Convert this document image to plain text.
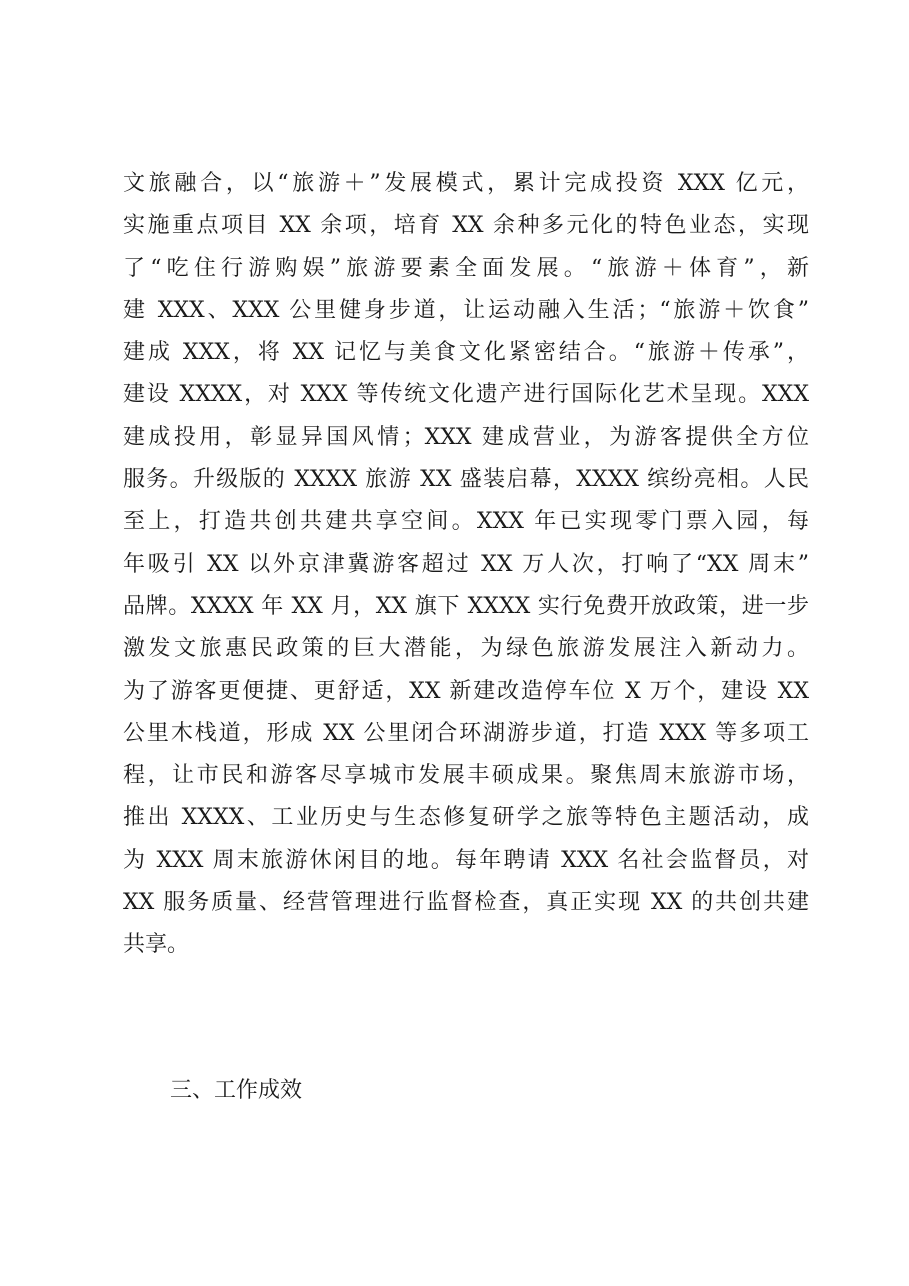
文旅融合，以“旅游＋”发展模式，累计完成投资 XXX 亿元，
实施重点项目 XX 余项，培育 XX 余种多元化的特色业态，实现
了“吃住行游购娱”旅游要素全面发展。“旅游＋体育”，新
建 XXX、XXX 公里健身步道，让运动融入生活；“旅游＋饮食”
建成 XXX，将 XX 记忆与美食文化紧密结合。“旅游＋传承”，
建设 XXXX，对 XXX 等传统文化遗产进行国际化艺术呈现。XXX
建成投用，彰显异国风情；XXX 建成营业，为游客提供全方位
服务。升级版的 XXXX 旅游 XX 盛装启幕，XXXX 缤纷亮相。人民
至上，打造共创共建共享空间。XXX 年已实现零门票入园，每
年吸引 XX 以外京津冀游客超过 XX 万人次，打响了“XX 周末”
品牌。XXXX 年 XX 月，XX 旗下 XXXX 实行免费开放政策，进一步
激发文旅惠民政策的巨大潜能，为绿色旅游发展注入新动力。
为了游客更便捷、更舒适，XX 新建改造停车位 X 万个，建设 XX
公里木栈道，形成 XX 公里闭合环湖游步道，打造 XXX 等多项工
程，让市民和游客尽享城市发展丰硕成果。聚焦周末旅游市场，
推出 XXXX、工业历史与生态修复研学之旅等特色主题活动，成
为 XXX 周末旅游休闲目的地。每年聘请 XXX 名社会监督员，对
XX 服务质量、经营管理进行监督检查，真正实现 XX 的共创共建
共享。
三、工作成效
